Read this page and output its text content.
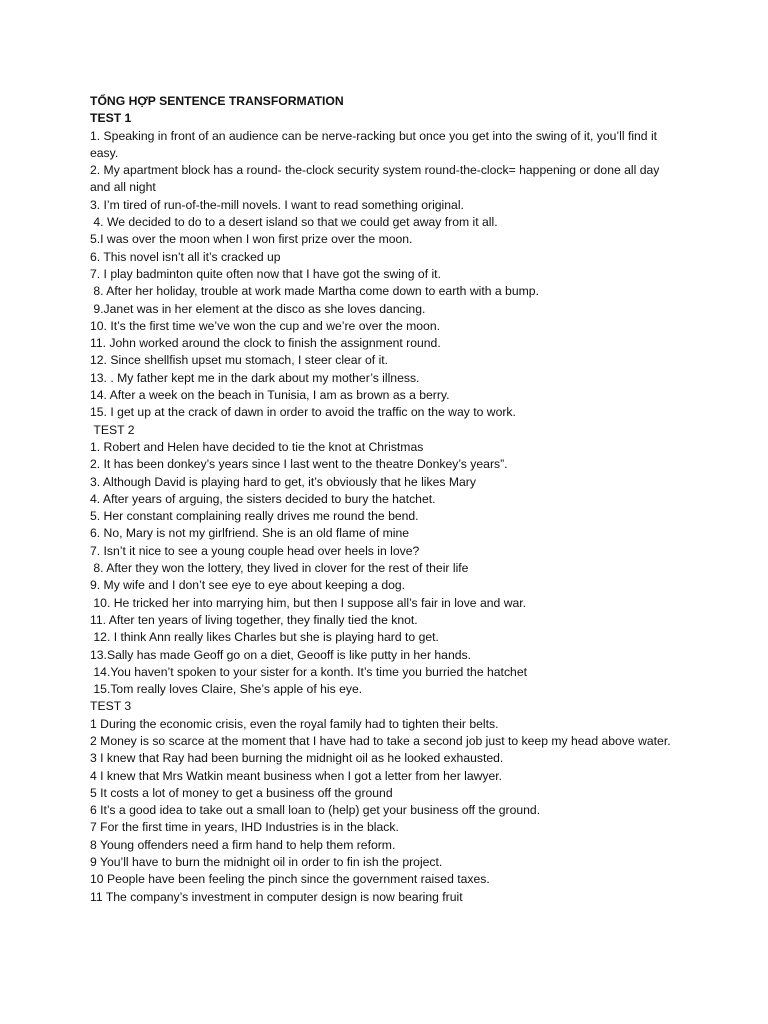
TỔNG HỢP SENTENCE TRANSFORMATION

TEST 1

1. Speaking in front of an audience can be nerve-racking but once you get into the swing of it, you’ll find it easy.

2. My apartment block has a round- the-clock security system round-the-clock= happening or done all day and all night

3. I’m tired of run-of-the-mill novels. I want to read something original.

4. We decided to do to a desert island so that we could get away from it all.

5.I was over the moon when I won first prize over the moon.

6. This novel isn’t all it’s cracked up

7. I play badminton quite often now that I have got the swing of it.

8. After her holiday, trouble at work made Martha come down to earth with a bump.

9.Janet was in her element at the disco as she loves dancing.

10. It’s the first time we’ve won the cup and we’re over the moon.

11. John worked around the clock to finish the assignment round.

12. Since shellfish upset mu stomach, I steer clear of it.

13. . My father kept me in the dark about my mother’s illness.

14. After a week on the beach in Tunisia, I am as brown as a berry.

15. I get up at the crack of dawn in order to avoid the traffic on the way to work.

TEST 2

1. Robert and Helen have decided to tie the knot at Christmas

2. It has been donkey’s years since I last went to the theatre Donkey’s years”.

3. Although David is playing hard to get, it’s obviously that he likes Mary

4. After years of arguing, the sisters decided to bury the hatchet.

5. Her constant complaining really drives me round the bend.

6. No, Mary is not my girlfriend. She is an old flame of mine

7. Isn’t it nice to see a young couple head over heels in love?

8. After they won the lottery, they lived in clover for the rest of their life

9. My wife and I don’t see eye to eye about keeping a dog.

10. He tricked her into marrying him, but then I suppose all’s fair in love and war.

11. After ten years of living together, they finally tied the knot.

12. I think Ann really likes Charles but she is playing hard to get.

13.Sally has made Geoff go on a diet, Geooff is like putty in her hands.

14.You haven’t spoken to your sister for a konth. It’s time you burried the hatchet

15.Tom really loves Claire, She’s apple of his eye.

TEST 3

1 During the economic crisis, even the royal family had to tighten their belts.

2 Money is so scarce at the moment that I have had to take a second job just to keep my head above water.

3 I knew that Ray had been burning the midnight oil as he looked exhausted.

4 I knew that Mrs Watkin meant business when I got a letter from her lawyer.

5 It costs a lot of money to get a business off the ground

6 It’s a good idea to take out a small loan to (help) get your business off the ground.

7 For the first time in years, IHD Industries is in the black.

8 Young offenders need a firm hand to help them reform.

9 You’ll have to burn the midnight oil in order to fin ish the project.

10 People have been feeling the pinch since the government raised taxes.

11 The company’s investment in computer design is now bearing fruit
